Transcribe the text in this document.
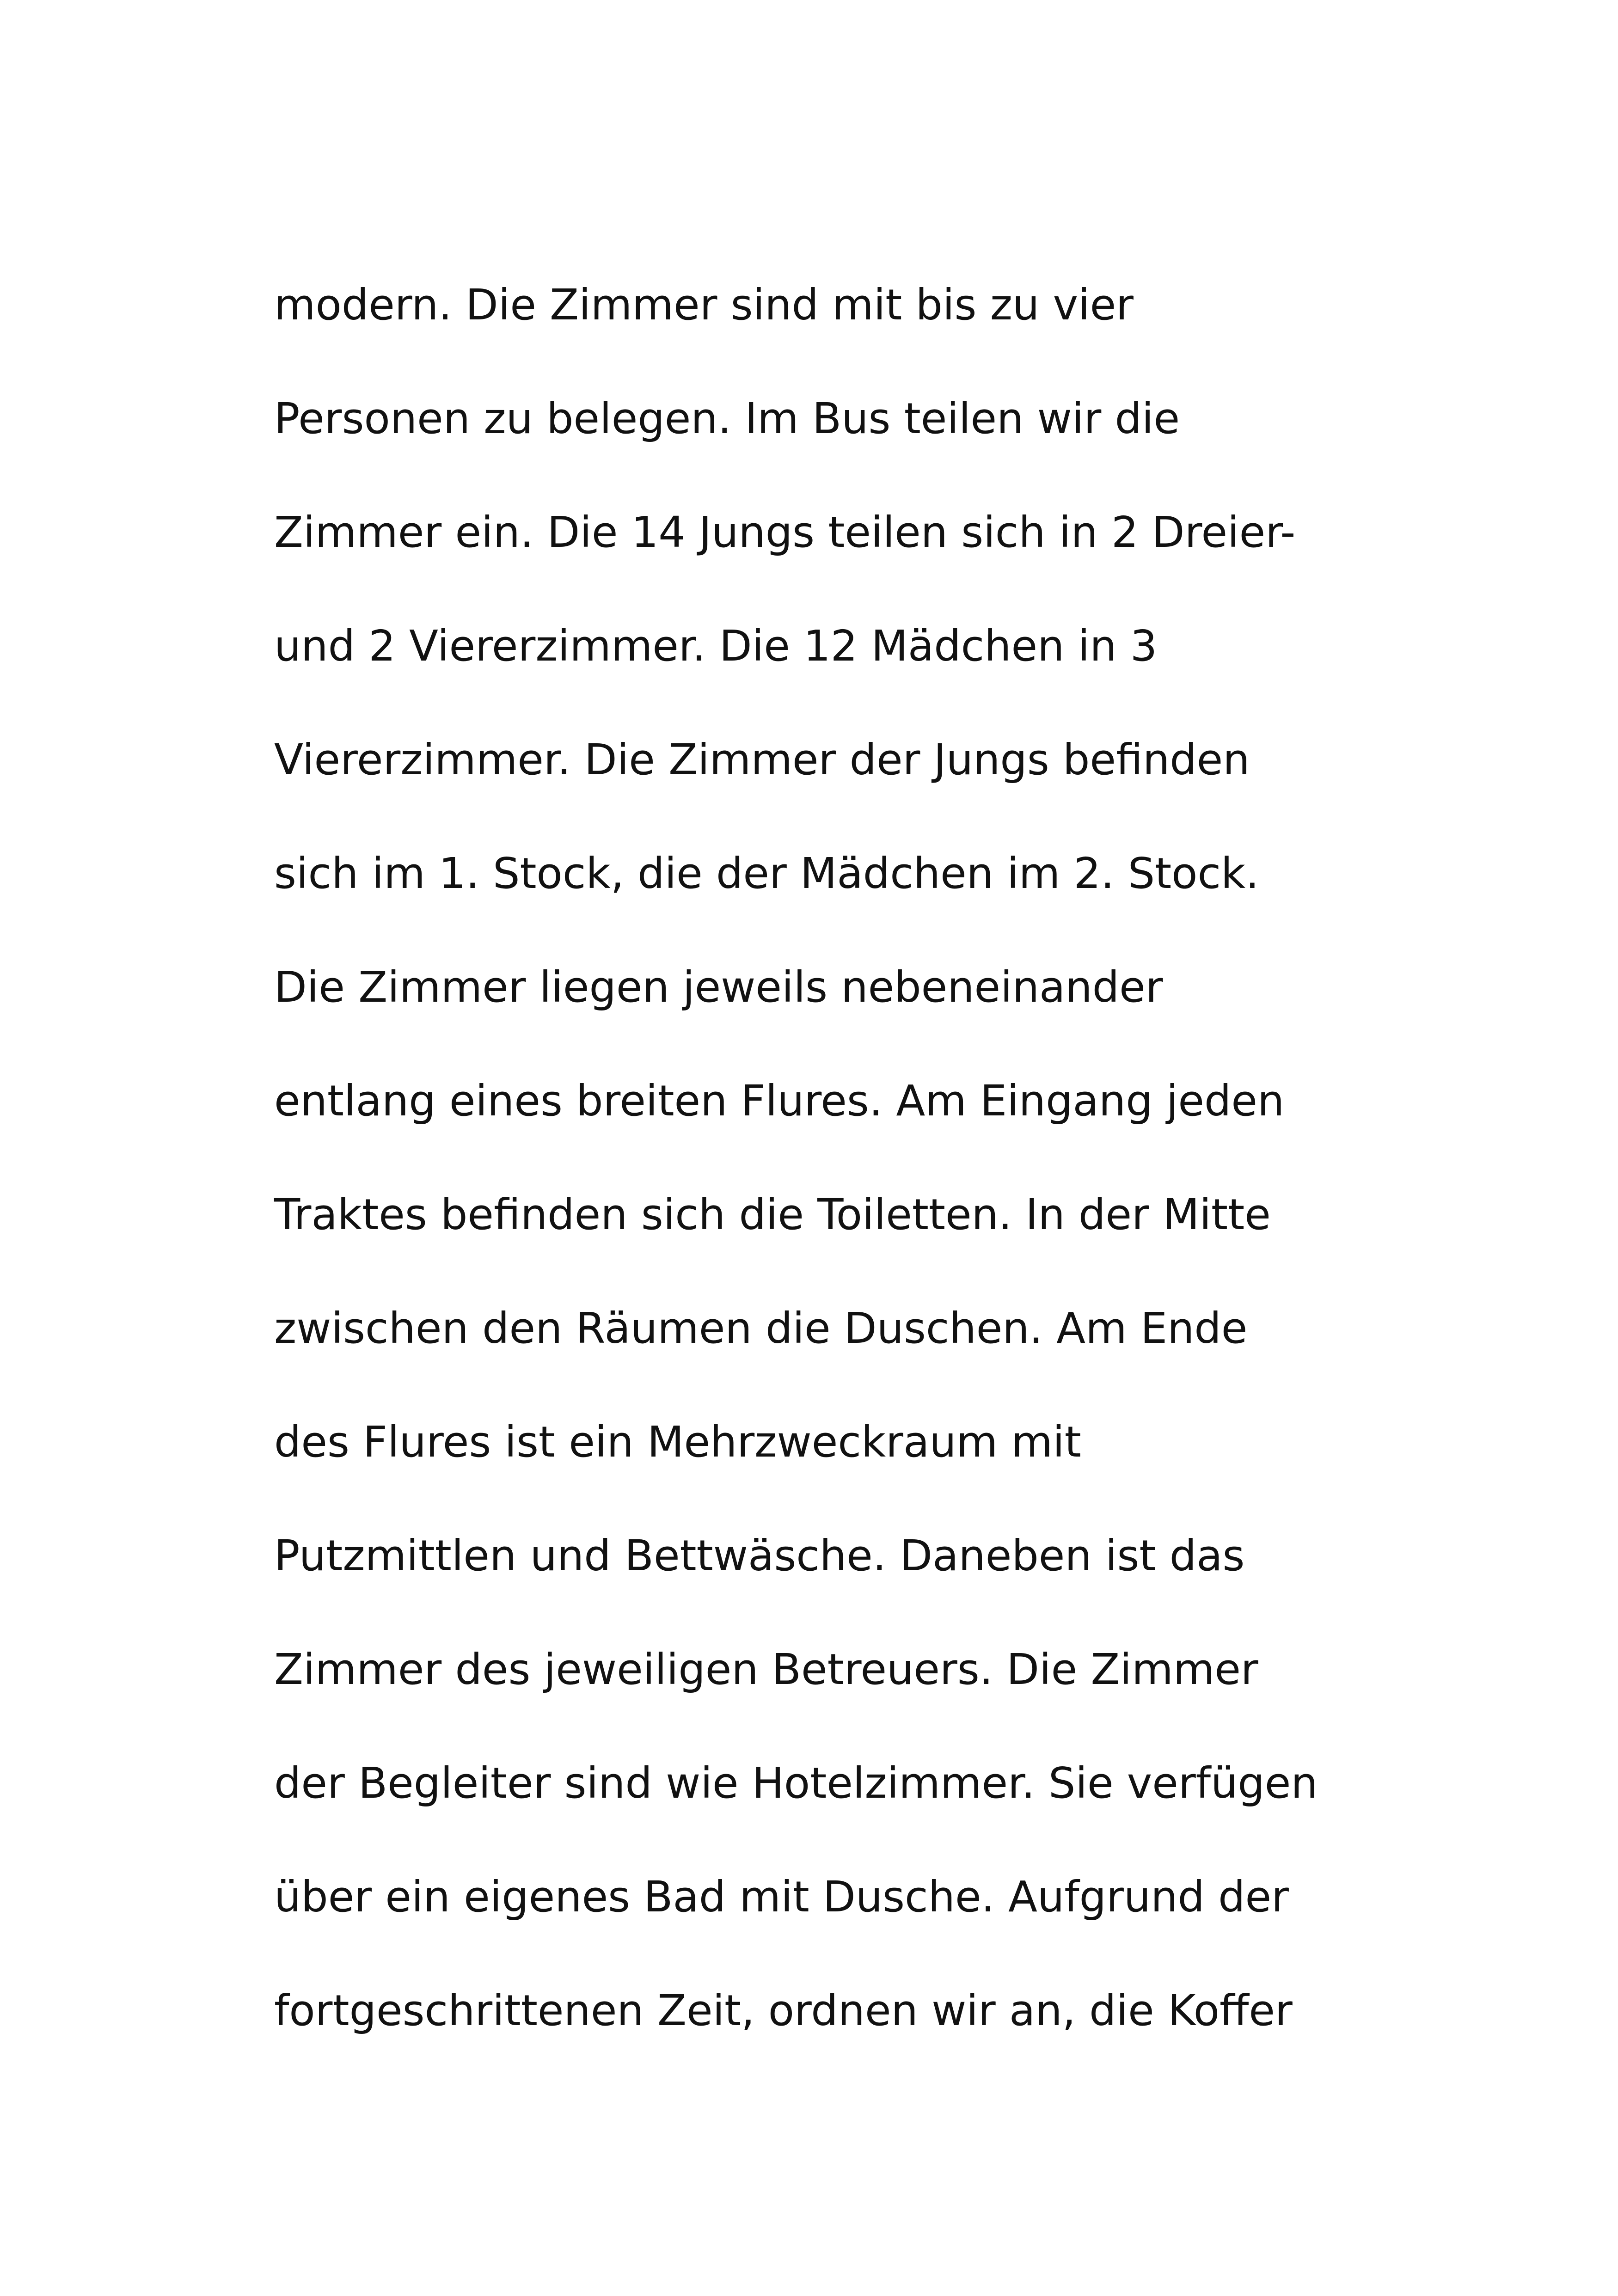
modern. Die Zimmer sind mit bis zu vier
Personen zu belegen. Im Bus teilen wir die
Zimmer ein. Die 14 Jungs teilen sich in 2 Dreier-
und 2 Viererzimmer. Die 12 Mädchen in 3
Viererzimmer. Die Zimmer der Jungs befinden
sich im 1. Stock, die der Mädchen im 2. Stock.
Die Zimmer liegen jeweils nebeneinander
entlang eines breiten Flures. Am Eingang jeden
Traktes befinden sich die Toiletten. In der Mitte
zwischen den Räumen die Duschen. Am Ende
des Flures ist ein Mehrzweckraum mit
Putzmittlen und Bettwäsche. Daneben ist das
Zimmer des jeweiligen Betreuers. Die Zimmer
der Begleiter sind wie Hotelzimmer. Sie verfügen
über ein eigenes Bad mit Dusche. Aufgrund der
fortgeschrittenen Zeit, ordnen wir an, die Koffer
